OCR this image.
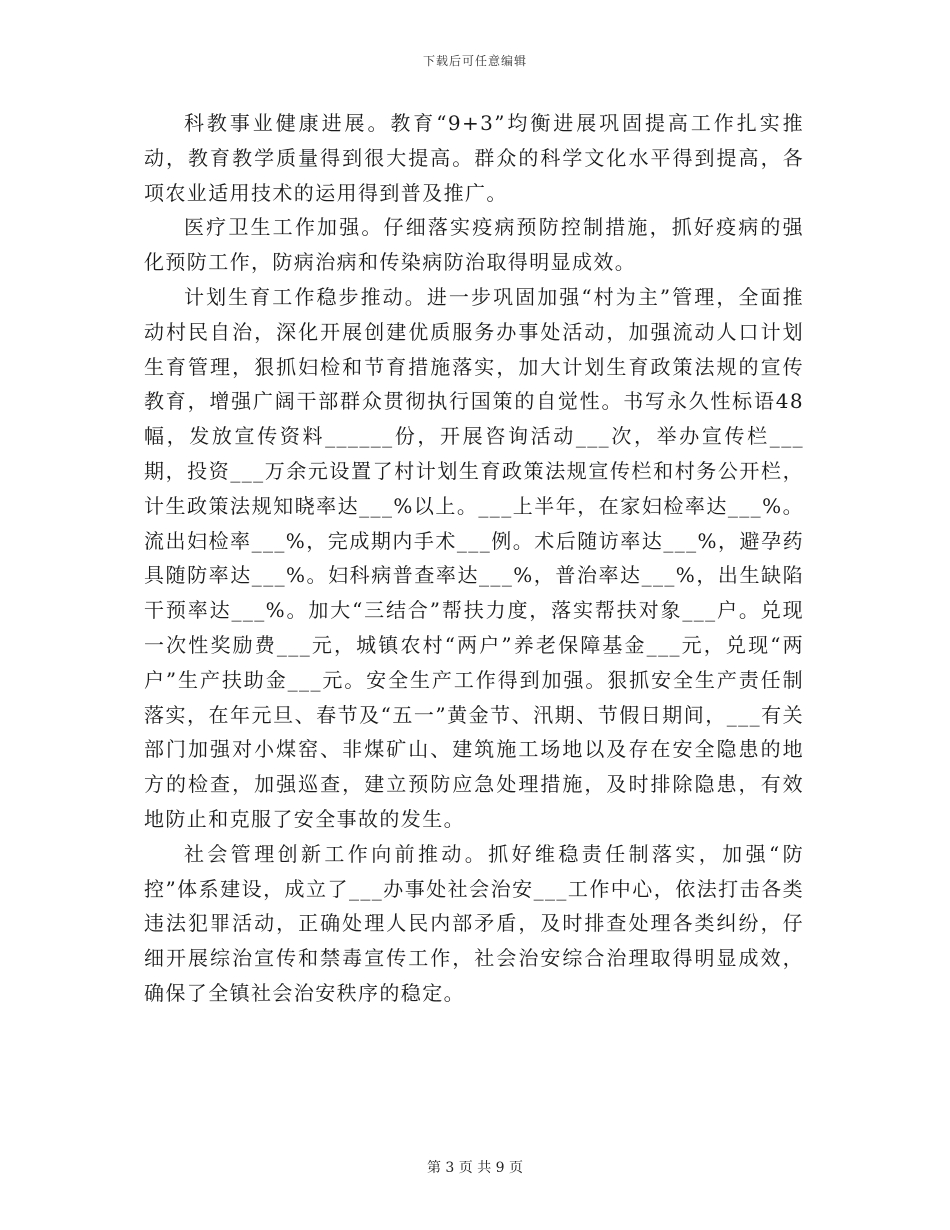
下载后可任意编辑

科教事业健康进展。教育“9+3”均衡进展巩固提高工作扎实推动，教育教学质量得到很大提高。群众的科学文化水平得到提高，各项农业适用技术的运用得到普及推广。

医疗卫生工作加强。仔细落实疫病预防控制措施，抓好疫病的强化预防工作，防病治病和传染病防治取得明显成效。

计划生育工作稳步推动。进一步巩固加强“村为主”管理，全面推动村民自治，深化开展创建优质服务办事处活动，加强流动人口计划生育管理，狠抓妇检和节育措施落实，加大计划生育政策法规的宣传教育，增强广阔干部群众贯彻执行国策的自觉性。书写永久性标语48幅，发放宣传资料______份，开展咨询活动___次，举办宣传栏___期，投资___万余元设置了村计划生育政策法规宣传栏和村务公开栏，计生政策法规知晓率达___%以上。___上半年，在家妇检率达___%。流出妇检率___%，完成期内手术___例。术后随访率达___%，避孕药具随防率达___%。妇科病普查率达___%，普治率达___%，出生缺陷干预率达___%。加大“三结合”帮扶力度，落实帮扶对象___户。兑现一次性奖励费___元，城镇农村“两户”养老保障基金___元，兑现“两户”生产扶助金___元。安全生产工作得到加强。狠抓安全生产责任制落实，在年元旦、春节及“五一”黄金节、汛期、节假日期间，___有关部门加强对小煤窑、非煤矿山、建筑施工场地以及存在安全隐患的地方的检查，加强巡查，建立预防应急处理措施，及时排除隐患，有效地防止和克服了安全事故的发生。

社会管理创新工作向前推动。抓好维稳责任制落实，加强“防控”体系建设，成立了___办事处社会治安___工作中心，依法打击各类违法犯罪活动，正确处理人民内部矛盾，及时排查处理各类纠纷，仔细开展综治宣传和禁毒宣传工作，社会治安综合治理取得明显成效，确保了全镇社会治安秩序的稳定。

第 3 页 共 9 页
